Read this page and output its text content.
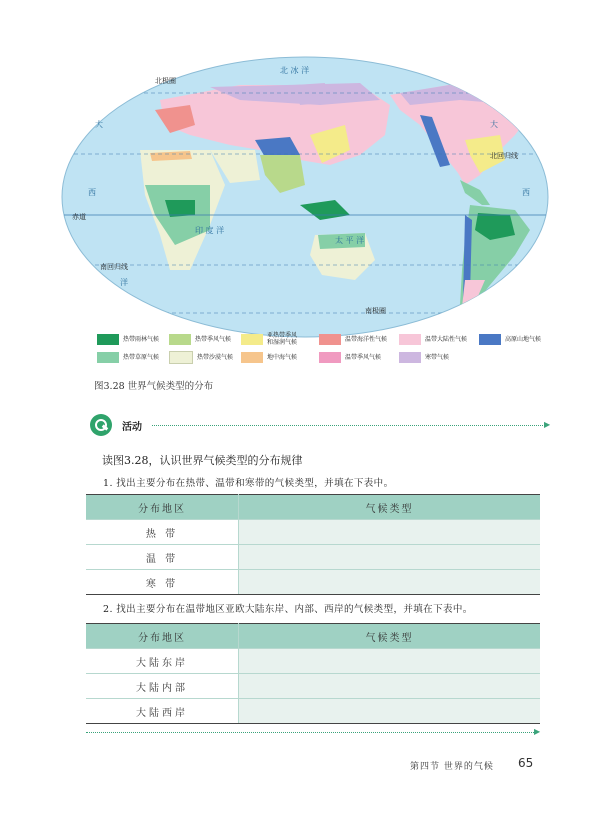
北 冰 洋
北极圈
北回归线
赤道
南回归线
南极圈
太 平 洋
印 度 洋
大
西
洋
大
西
热带雨林气候	热带季风气候	亚热带季风
和湿润气候	温带海洋性气候	温带大陆性气候	高原山地气候
热带草原气候	热带沙漠气候	地中海气候	温带季风气候	寒带气候
图3.28 世界气候类型的分布
活动	▶
读图3.28，认识世界气候类型的分布规律
1. 找出主要分布在热带、温带和寒带的气候类型，并填在下表中。
分布地区	气候类型
热 带	
温 带	
寒 带	
2. 找出主要分布在温带地区亚欧大陆东岸、内部、西岸的气候类型，并填在下表中。
分布地区	气候类型
大陆东岸	
大陆内部	
大陆西岸	
▶
第四节 世界的气候 65
